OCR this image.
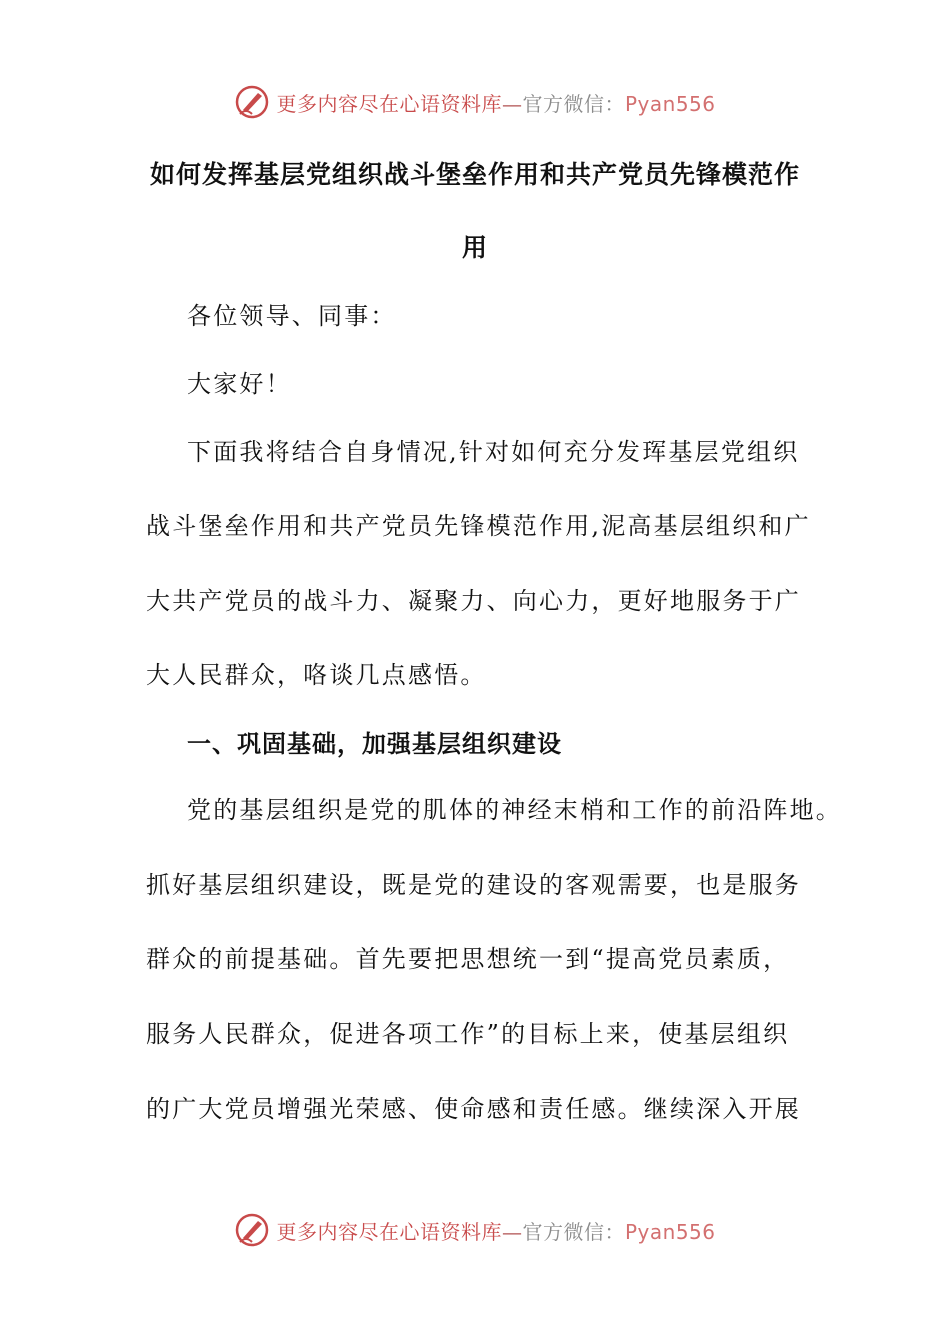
更多内容尽在心语资料库—官方微信：Pyan556
如何发挥基层党组织战斗堡垒作用和共产党员先锋模范作
用
各位领导、同事：
大家好！
下面我将结合自身情况,针对如何充分发珲基层党组织
战斗堡垒作用和共产党员先锋模范作用,泥高基层组织和广
大共产党员的战斗力、凝聚力、向心力，更好地服务于广
大人民群众，咯谈几点感悟。
一、巩固基础，加强基层组织建设
党的基层组织是党的肌体的神经末梢和工作的前沿阵地。
抓好基层组织建设，既是党的建设的客观需要，也是服务
群众的前提基础。首先要把思想统一到“提高党员素质，
服务人民群众，促进各项工作”的目标上来，使基层组织
的广大党员增强光荣感、使命感和责任感。继续深入开展
更多内容尽在心语资料库—官方微信：Pyan556
